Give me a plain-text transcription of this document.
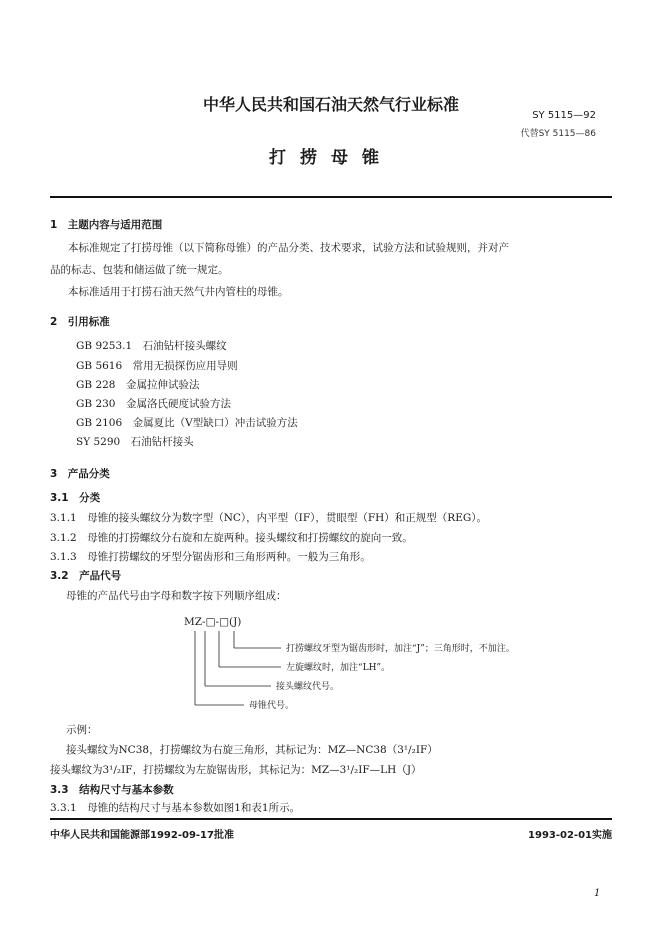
中华人民共和国石油天然气行业标准
SY 5115—92
代替SY 5115—86
打捞母锥
1　主题内容与适用范围
本标准规定了打捞母锥（以下简称母锥）的产品分类、技术要求，试验方法和试验规则，并对产
品的标志、包装和储运做了统一规定。
本标准适用于打捞石油天然气井内管柱的母锥。
2　引用标准
GB 9253.1　石油钻杆接头螺纹
GB 5616　常用无损探伤应用导则
GB 228　金属拉伸试验法
GB 230　金属洛氏硬度试验方法
GB 2106　金属夏比（V型缺口）冲击试验方法
SY 5290　石油钻杆接头
3　产品分类
3.1　分类
3.1.1　母锥的接头螺纹分为数字型（NC），内平型（IF），贯眼型（FH）和正规型（REG）。
3.1.2　母锥的打捞螺纹分右旋和左旋两种。接头螺纹和打捞螺纹的旋向一致。
3.1.3　母锥打捞螺纹的牙型分锯齿形和三角形两种。一般为三角形。
3.2　产品代号
母锥的产品代号由字母和数字按下列顺序组成：
MZ-□-□(J)
打捞螺纹牙型为锯齿形时，加注“J”；三角形时，不加注。
左旋螺纹时，加注“LH”。
接头螺纹代号。
母锥代号。
示例：
接头螺纹为NC38，打捞螺纹为右旋三角形，其标记为：MZ—NC38（3¹/₂IF）
接头螺纹为3¹/₂IF，打捞螺纹为左旋锯齿形，其标记为：MZ—3¹/₂IF—LH（J）
3.3　结构尺寸与基本参数
3.3.1　母锥的结构尺寸与基本参数如图1和表1所示。
中华人民共和国能源部1992-09-17批准	1993-02-01实施
1
